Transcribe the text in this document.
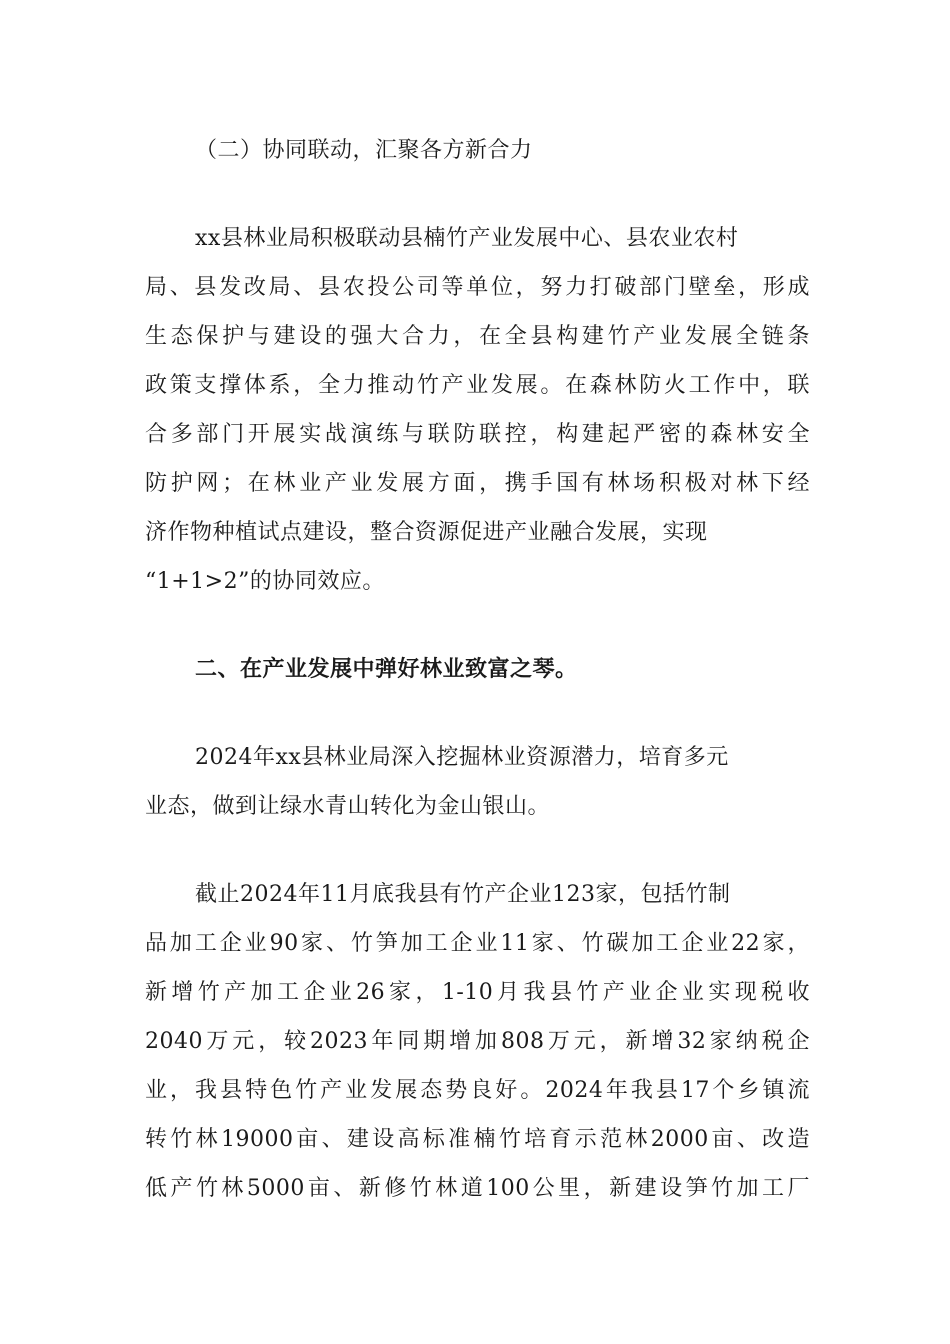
（二）协同联动，汇聚各方新合力
xx县林业局积极联动县楠竹产业发展中心、县农业农村
局、县发改局、县农投公司等单位，努力打破部门壁垒，形成
生态保护与建设的强大合力，在全县构建竹产业发展全链条
政策支撑体系，全力推动竹产业发展。在森林防火工作中，联
合多部门开展实战演练与联防联控，构建起严密的森林安全
防护网；在林业产业发展方面，携手国有林场积极对林下经
济作物种植试点建设，整合资源促进产业融合发展，实现
“1+1>2”的协同效应。
二、在产业发展中弹好林业致富之琴。
2024年xx县林业局深入挖掘林业资源潜力，培育多元
业态，做到让绿水青山转化为金山银山。
截止2024年11月底我县有竹产企业123家，包括竹制
品加工企业90家、竹笋加工企业11家、竹碳加工企业22家，
新增竹产加工企业26家，1-10月我县竹产业企业实现税收
2040万元，较2023年同期增加808万元，新增32家纳税企
业，我县特色竹产业发展态势良好。2024年我县17个乡镇流
转竹林19000亩、建设高标准楠竹培育示范林2000亩、改造
低产竹林5000亩、新修竹林道100公里，新建设笋竹加工厂
